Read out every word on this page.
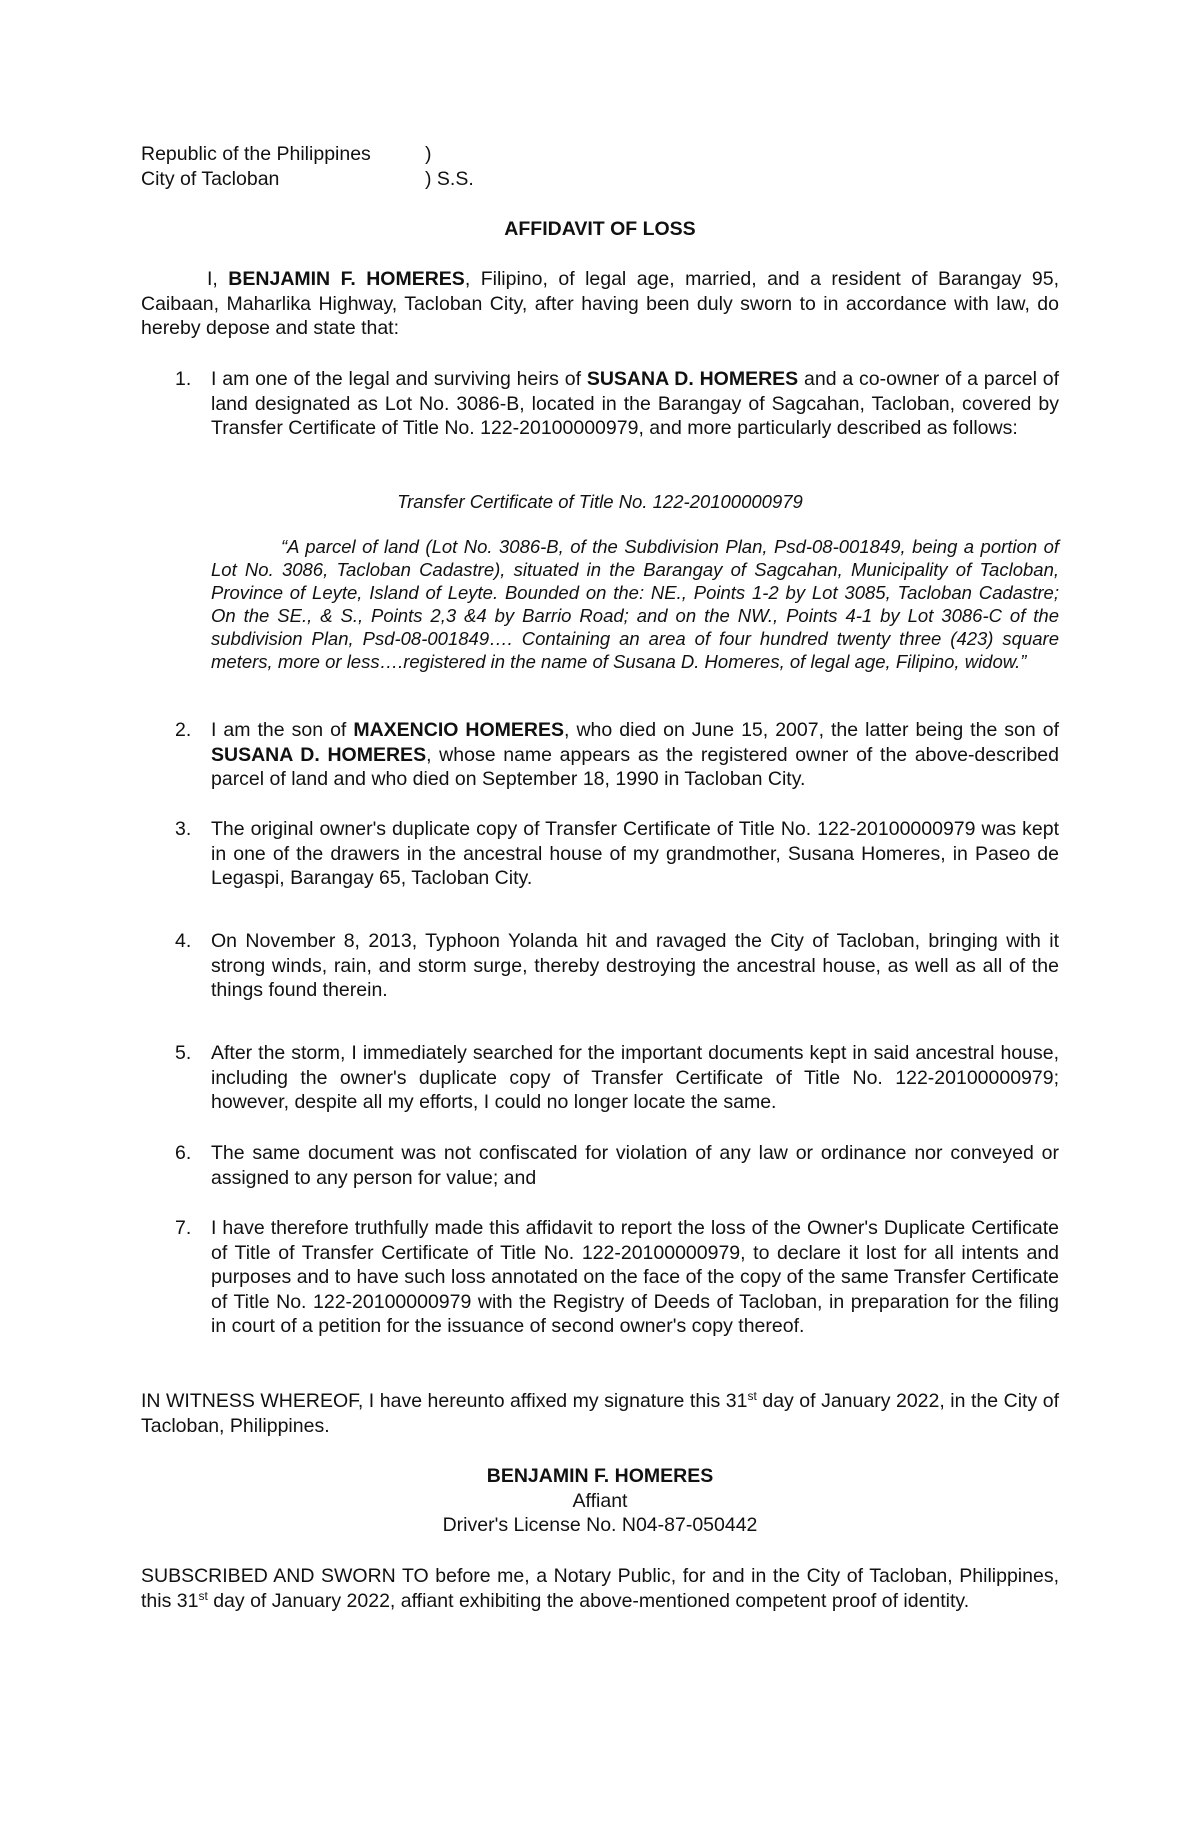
Republic of the Philippines	)
City of Tacloban	) S.S.
AFFIDAVIT OF LOSS

I, BENJAMIN F. HOMERES, Filipino, of legal age, married, and a resident of Barangay 95, Caibaan, Maharlika Highway, Tacloban City, after having been duly sworn to in accordance with law, do hereby depose and state that:

1.	I am one of the legal and surviving heirs of SUSANA D. HOMERES and a co-owner of a parcel of land designated as Lot No. 3086-B, located in the Barangay of Sagcahan, Tacloban, covered by Transfer Certificate of Title No. 122-20100000979, and more particularly described as follows:
Transfer Certificate of Title No. 122-20100000979
“A parcel of land (Lot No. 3086-B, of the Subdivision Plan, Psd-08-001849, being a portion of Lot No. 3086, Tacloban Cadastre), situated in the Barangay of Sagcahan, Municipality of Tacloban, Province of Leyte, Island of Leyte. Bounded on the: NE., Points 1-2 by Lot 3085, Tacloban Cadastre; On the SE., & S., Points 2,3 &4 by Barrio Road; and on the NW., Points 4-1 by Lot 3086-C of the subdivision Plan, Psd-08-001849…. Containing an area of four hundred twenty three (423) square meters, more or less….registered in the name of Susana D. Homeres, of legal age, Filipino, widow.”
2.	I am the son of MAXENCIO HOMERES, who died on June 15, 2007, the latter being the son of SUSANA D. HOMERES, whose name appears as the registered owner of the above-described parcel of land and who died on September 18, 1990 in Tacloban City.
3.	The original owner's duplicate copy of Transfer Certificate of Title No. 122-20100000979 was kept in one of the drawers in the ancestral house of my grandmother, Susana Homeres, in Paseo de Legaspi, Barangay 65, Tacloban City.
4.	On November 8, 2013, Typhoon Yolanda hit and ravaged the City of Tacloban, bringing with it strong winds, rain, and storm surge, thereby destroying the ancestral house, as well as all of the things found therein.
5.	After the storm, I immediately searched for the important documents kept in said ancestral house, including the owner's duplicate copy of Transfer Certificate of Title No. 122-20100000979; however, despite all my efforts, I could no longer locate the same.
6.	The same document was not confiscated for violation of any law or ordinance nor conveyed or assigned to any person for value; and
7.	I have therefore truthfully made this affidavit to report the loss of the Owner's Duplicate Certificate of Title of Transfer Certificate of Title No. 122-20100000979, to declare it lost for all intents and purposes and to have such loss annotated on the face of the copy of the same Transfer Certificate of Title No. 122-20100000979 with the Registry of Deeds of Tacloban, in preparation for the filing in court of a petition for the issuance of second owner's copy thereof.

IN WITNESS WHEREOF, I have hereunto affixed my signature this 31st day of January 2022, in the City of Tacloban, Philippines.

BENJAMIN F. HOMERES
Affiant
Driver's License No. N04-87-050442

SUBSCRIBED AND SWORN TO before me, a Notary Public, for and in the City of Tacloban, Philippines, this 31st day of January 2022, affiant exhibiting the above-mentioned competent proof of identity.
